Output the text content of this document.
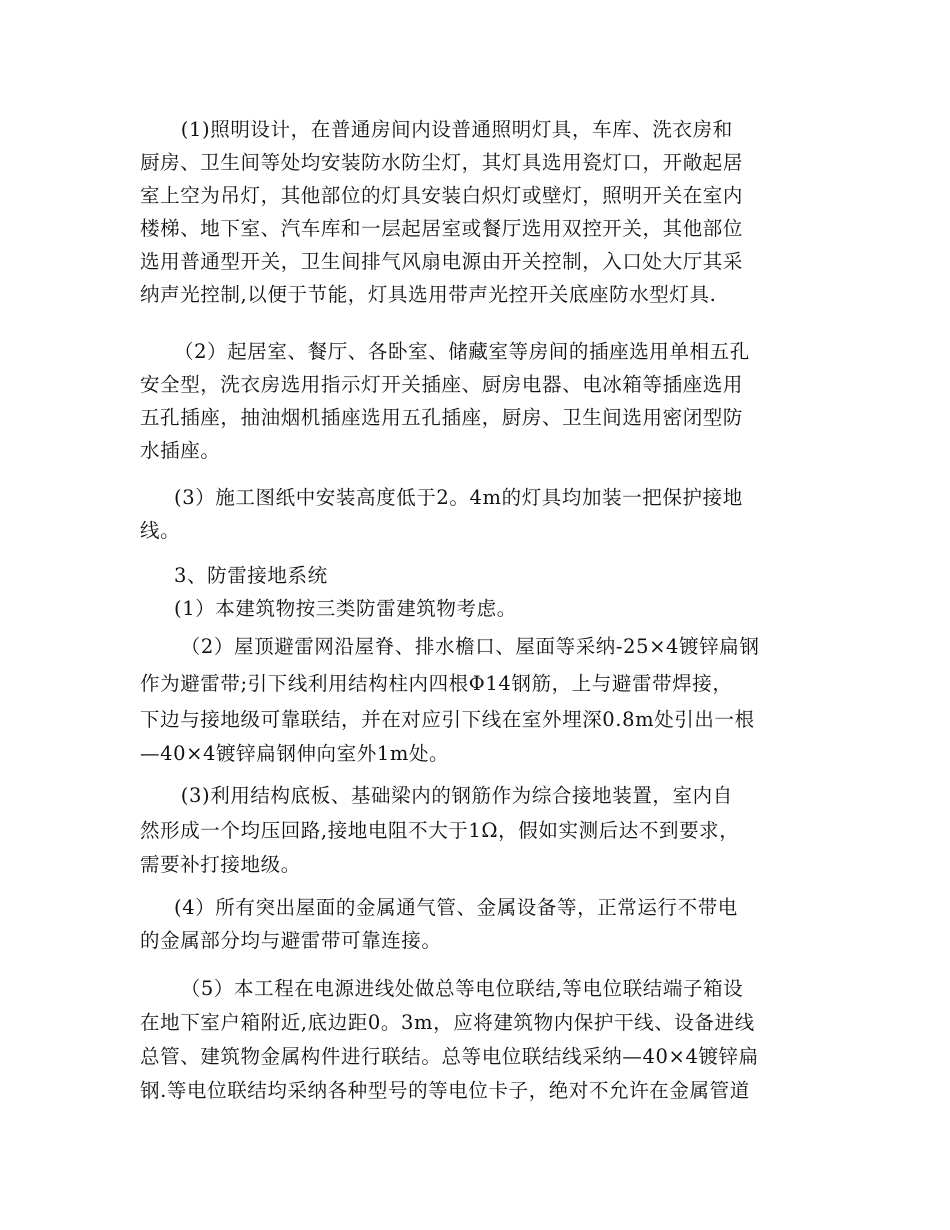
(1)照明设计，在普通房间内设普通照明灯具，车库、洗衣房和
厨房、卫生间等处均安装防水防尘灯，其灯具选用瓷灯口，开敞起居
室上空为吊灯，其他部位的灯具安装白炽灯或壁灯，照明开关在室内
楼梯、地下室、汽车库和一层起居室或餐厅选用双控开关，其他部位
选用普通型开关，卫生间排气风扇电源由开关控制，入口处大厅其采
纳声光控制,以便于节能，灯具选用带声光控开关底座防水型灯具.
（2）起居室、餐厅、各卧室、储藏室等房间的插座选用单相五孔
安全型，洗衣房选用指示灯开关插座、厨房电器、电冰箱等插座选用
五孔插座，抽油烟机插座选用五孔插座，厨房、卫生间选用密闭型防
水插座。
(3）施工图纸中安装高度低于2。4m的灯具均加装一把保护接地
线。
3、防雷接地系统
(1）本建筑物按三类防雷建筑物考虑。
（2）屋顶避雷网沿屋脊、排水檐口、屋面等采纳-25×4镀锌扁钢
作为避雷带;引下线利用结构柱内四根Φ14钢筋，上与避雷带焊接，
下边与接地级可靠联结，并在对应引下线在室外埋深0.8m处引出一根
—40×4镀锌扁钢伸向室外1m处。
(3)利用结构底板、基础梁内的钢筋作为综合接地装置，室内自
然形成一个均压回路,接地电阻不大于1Ω，假如实测后达不到要求，
需要补打接地级。
(4）所有突出屋面的金属通气管、金属设备等，正常运行不带电
的金属部分均与避雷带可靠连接。
（5）本工程在电源进线处做总等电位联结,等电位联结端子箱设
在地下室户箱附近,底边距0。3m，应将建筑物内保护干线、设备进线
总管、建筑物金属构件进行联结。总等电位联结线采纳—40×4镀锌扁
钢.等电位联结均采纳各种型号的等电位卡子，绝对不允许在金属管道
